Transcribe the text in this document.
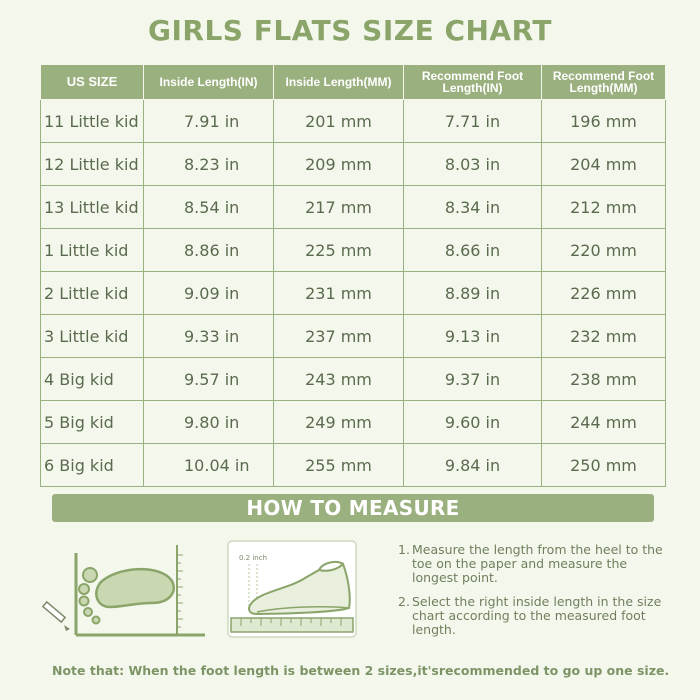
GIRLS FLATS SIZE CHART
US SIZE	Inside Length(IN)	Inside Length(MM)	Recommend Foot Length(IN)	Recommend Foot Length(MM)
11 Little kid	7.91 in	201 mm	7.71 in	196 mm
12 Little kid	8.23 in	209 mm	8.03 in	204 mm
13 Little kid	8.54 in	217 mm	8.34 in	212 mm
1 Little kid	8.86 in	225 mm	8.66 in	220 mm
2 Little kid	9.09 in	231 mm	8.89 in	226 mm
3 Little kid	9.33 in	237 mm	9.13 in	232 mm
4 Big kid	9.57 in	243 mm	9.37 in	238 mm
5 Big kid	9.80 in	249 mm	9.60 in	244 mm
6 Big kid	10.04 in	255 mm	9.84 in	250 mm
HOW TO MEASURE
0.2 inch
1. Measure the length from the heel to the toe on the paper and measure the longest point.
2. Select the right inside length in the size chart according to the measured foot length.
Note that: When the foot length is between 2 sizes,it'srecommended to go up one size.
